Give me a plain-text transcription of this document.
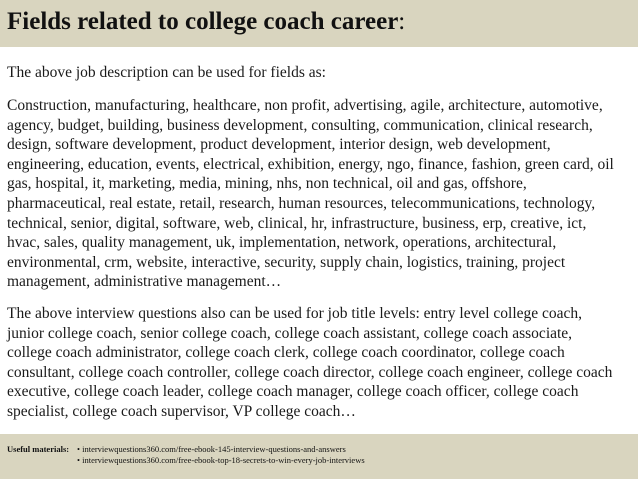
Fields related to college coach career:
The above job description can be used for fields as:
Construction, manufacturing, healthcare, non profit, advertising, agile, architecture, automotive,
agency, budget, building, business development, consulting, communication, clinical research,
design, software development, product development, interior design, web development,
engineering, education, events, electrical, exhibition, energy, ngo, finance, fashion, green card, oil
gas, hospital, it, marketing, media, mining, nhs, non technical, oil and gas, offshore,
pharmaceutical, real estate, retail, research, human resources, telecommunications, technology,
technical, senior, digital, software, web, clinical, hr, infrastructure, business, erp, creative, ict,
hvac, sales, quality management, uk, implementation, network, operations, architectural,
environmental, crm, website, interactive, security, supply chain, logistics, training, project
management, administrative management…
The above interview questions also can be used for job title levels: entry level college coach,
junior college coach, senior college coach, college coach assistant, college coach associate,
college coach administrator, college coach clerk, college coach coordinator, college coach
consultant, college coach controller, college coach director, college coach engineer, college coach
executive, college coach leader, college coach manager, college coach officer, college coach
specialist, college coach supervisor, VP college coach…
Useful materials:
•	interviewquestions360.com/free-ebook-145-interview-questions-and-answers
• interviewquestions360.com/free-ebook-top-18-secrets-to-win-every-job-interviews
